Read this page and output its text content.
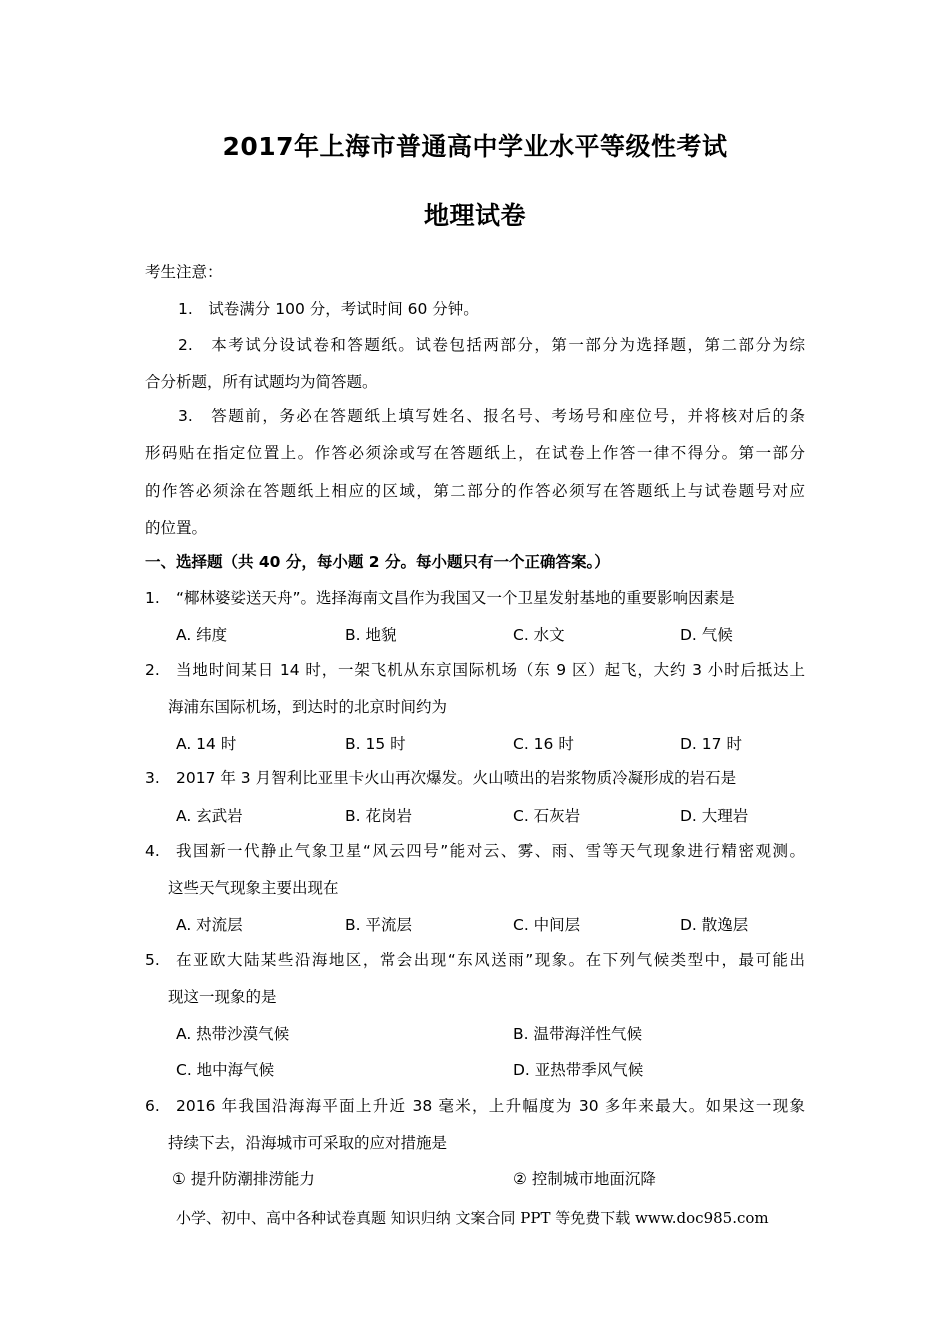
2017年上海市普通高中学业水平等级性考试
地理试卷
考生注意：
1.　试卷满分 100 分，考试时间 60 分钟。
2.　本考试分设试卷和答题纸。试卷包括两部分，第一部分为选择题，第二部分为综
合分析题，所有试题均为简答题。
3.　答题前，务必在答题纸上填写姓名、报名号、考场号和座位号，并将核对后的条
形码贴在指定位置上。作答必须涂或写在答题纸上，在试卷上作答一律不得分。第一部分
的作答必须涂在答题纸上相应的区域，第二部分的作答必须写在答题纸上与试卷题号对应
的位置。
一、选择题（共 40 分，每小题 2 分。每小题只有一个正确答案。）
1. “椰林婆娑送天舟”。选择海南文昌作为我国又一个卫星发射基地的重要影响因素是
A. 纬度	B. 地貌	C. 水文	D. 气候
2. 当地时间某日 14 时，一架飞机从东京国际机场（东 9 区）起飞，大约 3 小时后抵达上
海浦东国际机场，到达时的北京时间约为
A. 14 时	B. 15 时	C. 16 时	D. 17 时
3. 2017 年 3 月智利比亚里卡火山再次爆发。火山喷出的岩浆物质冷凝形成的岩石是
A. 玄武岩	B. 花岗岩	C. 石灰岩	D. 大理岩
4. 我国新一代静止气象卫星“风云四号”能对云、雾、雨、雪等天气现象进行精密观测。
这些天气现象主要出现在
A. 对流层	B. 平流层	C. 中间层	D. 散逸层
5. 在亚欧大陆某些沿海地区，常会出现“东风送雨”现象。在下列气候类型中，最可能出
现这一现象的是
A. 热带沙漠气候	B. 温带海洋性气候
C. 地中海气候	D. 亚热带季风气候
6. 2016 年我国沿海海平面上升近 38 毫米，上升幅度为 30 多年来最大。如果这一现象
持续下去，沿海城市可采取的应对措施是
① 提升防潮排涝能力	② 控制城市地面沉降
小学、初中、高中各种试卷真题 知识归纳 文案合同 PPT 等免费下载 www.doc985.com
